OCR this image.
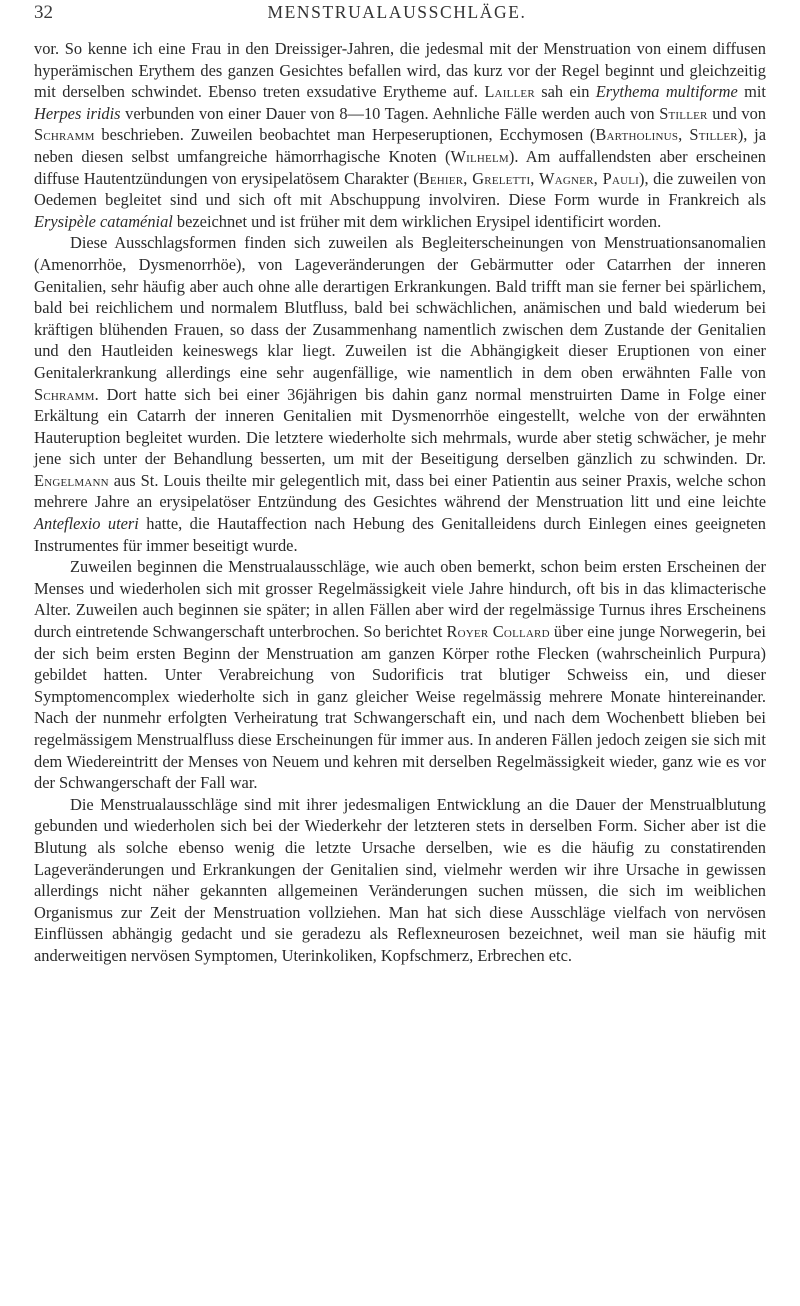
32	MENSTRUALAUSSCHLÄGE.

vor. So kenne ich eine Frau in den Dreissiger-Jahren, die jedesmal mit der Menstruation von einem diffusen hyperämischen Erythem des ganzen Gesichtes befallen wird, das kurz vor der Regel beginnt und gleichzeitig mit derselben schwindet. Ebenso treten exsudative Erytheme auf. Lailler sah ein Erythema multiforme mit Herpes iridis verbunden von einer Dauer von 8—10 Tagen. Aehnliche Fälle werden auch von Stiller und von Schramm beschrieben. Zuweilen beobachtet man Herpeseruptionen, Ecchymosen (Bartholinus, Stiller), ja neben diesen selbst umfangreiche hämorrhagische Knoten (Wilhelm). Am auffallendsten aber erscheinen diffuse Hautentzündungen von erysipelatösem Charakter (Behier, Greletti, Wagner, Pauli), die zuweilen von Oedemen begleitet sind und sich oft mit Abschuppung involviren. Diese Form wurde in Frankreich als Erysipèle cataménial bezeichnet und ist früher mit dem wirklichen Erysipel identificirt worden.

Diese Ausschlagsformen finden sich zuweilen als Begleiterscheinungen von Menstruationsanomalien (Amenorrhöe, Dysmenorrhöe), von Lageveränderungen der Gebärmutter oder Catarrhen der inneren Genitalien, sehr häufig aber auch ohne alle derartigen Erkrankungen. Bald trifft man sie ferner bei spärlichem, bald bei reichlichem und normalem Blutfluss, bald bei schwächlichen, anämischen und bald wiederum bei kräftigen blühenden Frauen, so dass der Zusammenhang namentlich zwischen dem Zustande der Genitalien und den Hautleiden keineswegs klar liegt. Zuweilen ist die Abhängigkeit dieser Eruptionen von einer Genitalerkrankung allerdings eine sehr augenfällige, wie namentlich in dem oben erwähnten Falle von Schramm. Dort hatte sich bei einer 36jährigen bis dahin ganz normal menstruirten Dame in Folge einer Erkältung ein Catarrh der inneren Genitalien mit Dysmenorrhöe eingestellt, welche von der erwähnten Hauteruption begleitet wurden. Die letztere wiederholte sich mehrmals, wurde aber stetig schwächer, je mehr jene sich unter der Behandlung besserten, um mit der Beseitigung derselben gänzlich zu schwinden. Dr. Engelmann aus St. Louis theilte mir gelegentlich mit, dass bei einer Patientin aus seiner Praxis, welche schon mehrere Jahre an erysipelatöser Entzündung des Gesichtes während der Menstruation litt und eine leichte Anteflexio uteri hatte, die Hautaffection nach Hebung des Genitalleidens durch Einlegen eines geeigneten Instrumentes für immer beseitigt wurde.

Zuweilen beginnen die Menstrualausschläge, wie auch oben bemerkt, schon beim ersten Erscheinen der Menses und wiederholen sich mit grosser Regelmässigkeit viele Jahre hindurch, oft bis in das klimacterische Alter. Zuweilen auch beginnen sie später; in allen Fällen aber wird der regelmässige Turnus ihres Erscheinens durch eintretende Schwangerschaft unterbrochen. So berichtet Royer Collard über eine junge Norwegerin, bei der sich beim ersten Beginn der Menstruation am ganzen Körper rothe Flecken (wahrscheinlich Purpura) gebildet hatten. Unter Verabreichung von Sudorificis trat blutiger Schweiss ein, und dieser Symptomencomplex wiederholte sich in ganz gleicher Weise regelmässig mehrere Monate hintereinander. Nach der nunmehr erfolgten Verheiratung trat Schwangerschaft ein, und nach dem Wochenbett blieben bei regelmässigem Menstrualfluss diese Erscheinungen für immer aus. In anderen Fällen jedoch zeigen sie sich mit dem Wiedereintritt der Menses von Neuem und kehren mit derselben Regelmässigkeit wieder, ganz wie es vor der Schwangerschaft der Fall war.

Die Menstrualausschläge sind mit ihrer jedesmaligen Entwicklung an die Dauer der Menstrualblutung gebunden und wiederholen sich bei der Wiederkehr der letzteren stets in derselben Form. Sicher aber ist die Blutung als solche ebenso wenig die letzte Ursache derselben, wie es die häufig zu constatirenden Lageveränderungen und Erkrankungen der Genitalien sind, vielmehr werden wir ihre Ursache in gewissen allerdings nicht näher gekannten allgemeinen Veränderungen suchen müssen, die sich im weiblichen Organismus zur Zeit der Menstruation vollziehen. Man hat sich diese Ausschläge vielfach von nervösen Einflüssen abhängig gedacht und sie geradezu als Reflexneurosen bezeichnet, weil man sie häufig mit anderweitigen nervösen Symptomen, Uterinkoliken, Kopfschmerz, Erbrechen etc.
